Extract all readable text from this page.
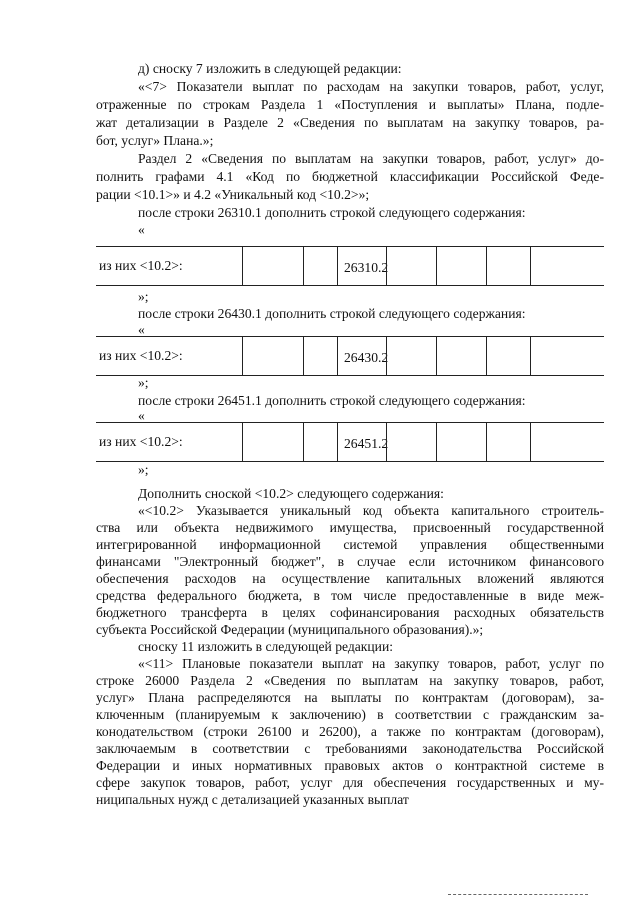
д) сноску 7 изложить в следующей редакции:
«<7> Показатели выплат по расходам на закупки товаров, работ, услуг,
отраженные по строкам Раздела 1 «Поступления и выплаты» Плана, подле-
жат детализации в Разделе 2 «Сведения по выплатам на закупку товаров, ра-
бот, услуг» Плана.»;
Раздел 2 «Сведения по выплатам на закупки товаров, работ, услуг» до-
полнить графами 4.1 «Код по бюджетной классификации Российской Феде-
рации <10.1>» и 4.2 «Уникальный код <10.2>»;
после строки 26310.1 дополнить строкой следующего содержания:
«
из них <10.2>:	26310.2
»;
после строки 26430.1 дополнить строкой следующего содержания:
«
из них <10.2>:	26430.2
»;
после строки 26451.1 дополнить строкой следующего содержания:
«
из них <10.2>:	26451.2
»;
Дополнить сноской <10.2> следующего содержания:
«<10.2> Указывается уникальный код объекта капитального строитель-
ства или объекта недвижимого имущества, присвоенный государственной
интегрированной информационной системой управления общественными
финансами "Электронный бюджет", в случае если источником финансового
обеспечения расходов на осуществление капитальных вложений являются
средства федерального бюджета, в том числе предоставленные в виде меж-
бюджетного трансферта в целях софинансирования расходных обязательств
субъекта Российской Федерации (муниципального образования).»;
сноску 11 изложить в следующей редакции:
«<11> Плановые показатели выплат на закупку товаров, работ, услуг по
строке 26000 Раздела 2 «Сведения по выплатам на закупку товаров, работ,
услуг» Плана распределяются на выплаты по контрактам (договорам), за-
ключенным (планируемым к заключению) в соответствии с гражданским за-
конодательством (строки 26100 и 26200), а также по контрактам (договорам),
заключаемым в соответствии с требованиями законодательства Российской
Федерации и иных нормативных правовых актов о контрактной системе в
сфере закупок товаров, работ, услуг для обеспечения государственных и му-
ниципальных нужд с детализацией указанных выплат
